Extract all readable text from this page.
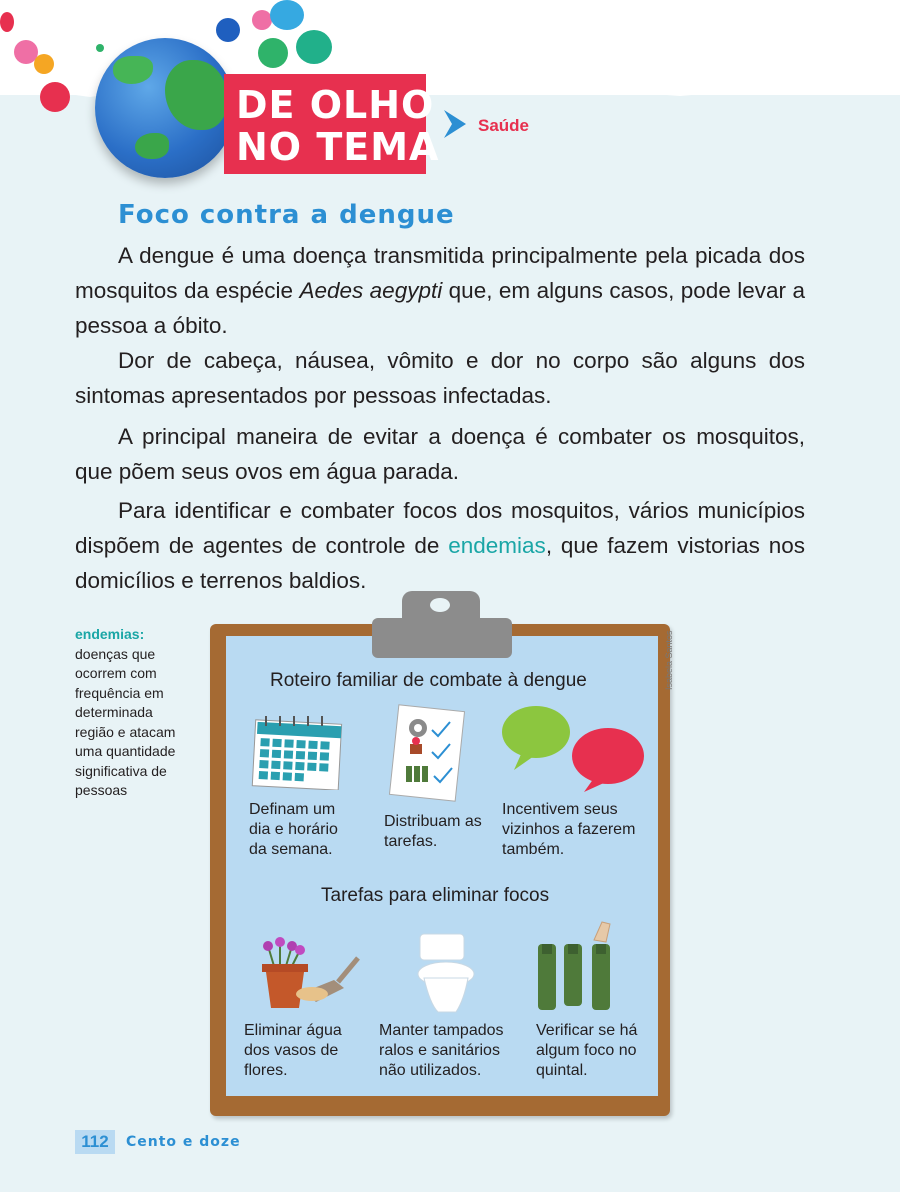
DE OLHO
NO TEMA Saúde
Foco contra a dengue

A dengue é uma doença transmitida principalmente pela picada dos mosquitos da espécie Aedes aegypti que, em alguns casos, pode levar a pessoa a óbito.

Dor de cabeça, náusea, vômito e dor no corpo são alguns dos sintomas apresentados por pessoas infectadas.

A principal maneira de evitar a doença é combater os mosquitos, que põem seus ovos em água parada.

Para identificar e combater focos dos mosquitos, vários municípios dispõem de agentes de controle de endemias, que fazem vistorias nos domicílios e terrenos baldios.

endemias:
doenças que ocorrem com frequência em determinada região e atacam uma quantidade significativa de pessoas
Isabela Santos
Roteiro familiar de combate à dengue
Definam um dia e horário da semana.
Distribuam as tarefas.
Incentivem seus vizinhos a fazerem também.
Tarefas para eliminar focos
Eliminar água dos vasos de flores.
Manter tampados ralos e sanitários não utilizados.
Verificar se há algum foco no quintal.
112	Cento e doze
